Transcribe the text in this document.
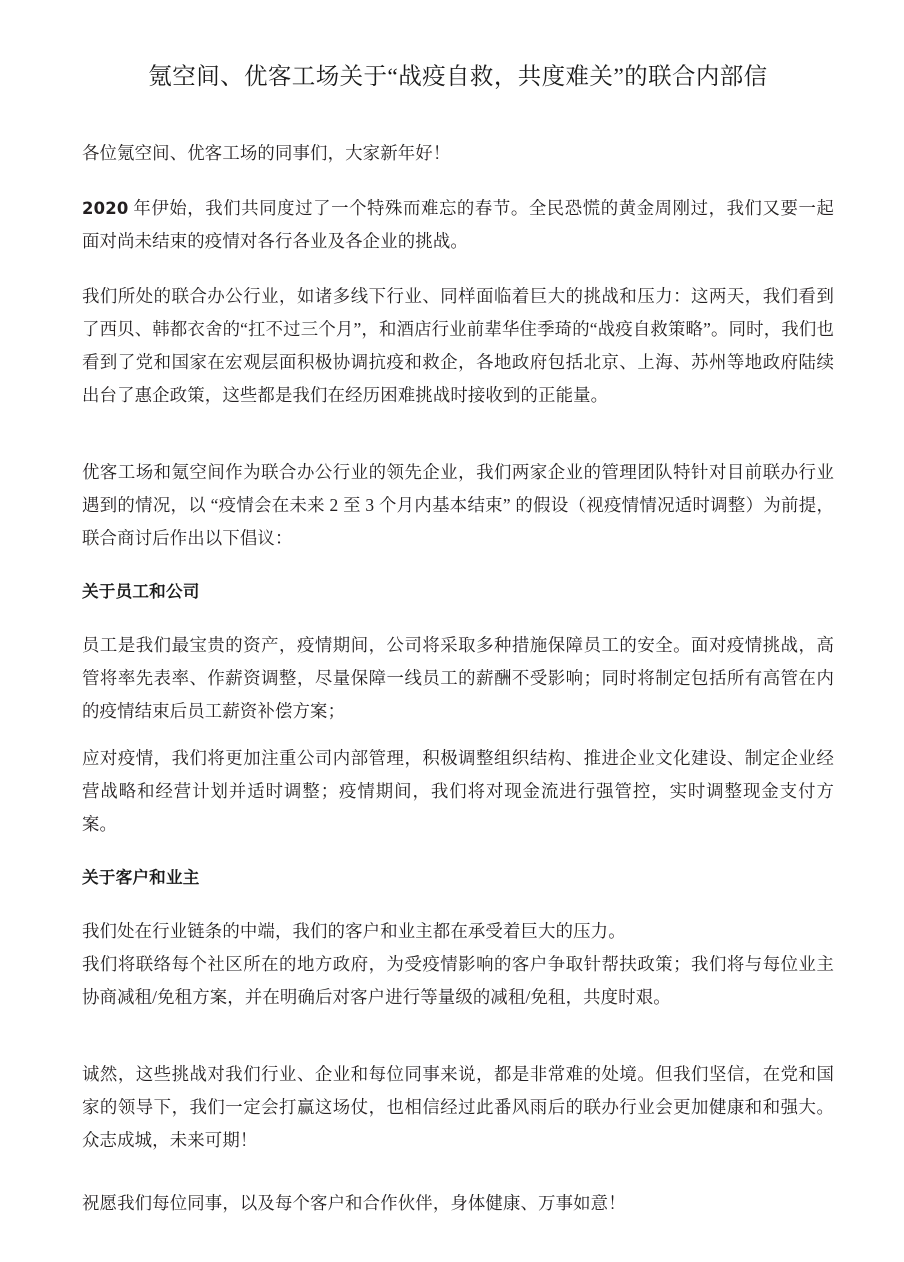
氪空间、优客工场关于“战疫自救，共度难关”的联合内部信

各位氪空间、优客工场的同事们，大家新年好！

2020 年伊始，我们共同度过了一个特殊而难忘的春节。全民恐慌的黄金周刚过，我们又要一起面对尚未结束的疫情对各行各业及各企业的挑战。

我们所处的联合办公行业，如诸多线下行业、同样面临着巨大的挑战和压力：这两天，我们看到了西贝、韩都衣舍的“扛不过三个月”，和酒店行业前辈华住季琦的“战疫自救策略”。同时，我们也看到了党和国家在宏观层面积极协调抗疫和救企，各地政府包括北京、上海、苏州等地政府陆续出台了惠企政策，这些都是我们在经历困难挑战时接收到的正能量。

优客工场和氪空间作为联合办公行业的领先企业，我们两家企业的管理团队特针对目前联办行业遇到的情况，以 “疫情会在未来 2 至 3 个月内基本结束” 的假设（视疫情情况适时调整）为前提，联合商讨后作出以下倡议：

关于员工和公司

员工是我们最宝贵的资产，疫情期间，公司将采取多种措施保障员工的安全。面对疫情挑战，高管将率先表率、作薪资调整，尽量保障一线员工的薪酬不受影响；同时将制定包括所有高管在内的疫情结束后员工薪资补偿方案；

应对疫情，我们将更加注重公司内部管理，积极调整组织结构、推进企业文化建设、制定企业经营战略和经营计划并适时调整；疫情期间，我们将对现金流进行强管控，实时调整现金支付方案。

关于客户和业主

我们处在行业链条的中端，我们的客户和业主都在承受着巨大的压力。

我们将联络每个社区所在的地方政府，为受疫情影响的客户争取针帮扶政策；我们将与每位业主协商减租/免租方案，并在明确后对客户进行等量级的减租/免租，共度时艰。

诚然，这些挑战对我们行业、企业和每位同事来说，都是非常难的处境。但我们坚信，在党和国家的领导下，我们一定会打赢这场仗，也相信经过此番风雨后的联办行业会更加健康和和强大。众志成城，未来可期！

祝愿我们每位同事，以及每个客户和合作伙伴，身体健康、万事如意！
